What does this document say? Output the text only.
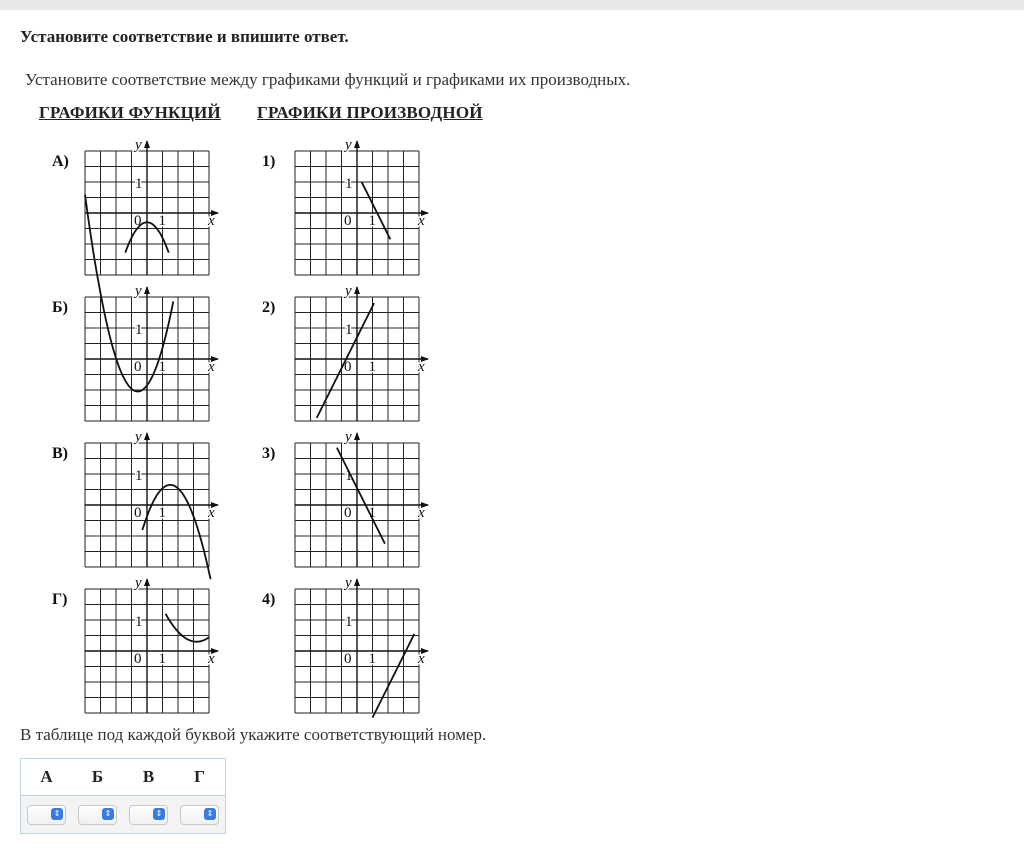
Установите соответствие и впишите ответ.
Установите соответствие между графиками функций и графиками их производных.
ГРАФИКИ ФУНКЦИЙ ГРАФИКИ ПРОИЗВОДНОЙ
x
y
0 1
1
А)
x
y
0 1
1
1)
x
y
0 1
1
Б)
x
y
0 1
1
2)
x
y
0 1
1
В)
x
y
0 1
1
3)
x
y
0 1
1
Г)
x
y
0 1
1
4)
В таблице под каждой буквой укажите соответствующий номер.
А	Б	В	Г

⇕	⇕	⇕	⇕
